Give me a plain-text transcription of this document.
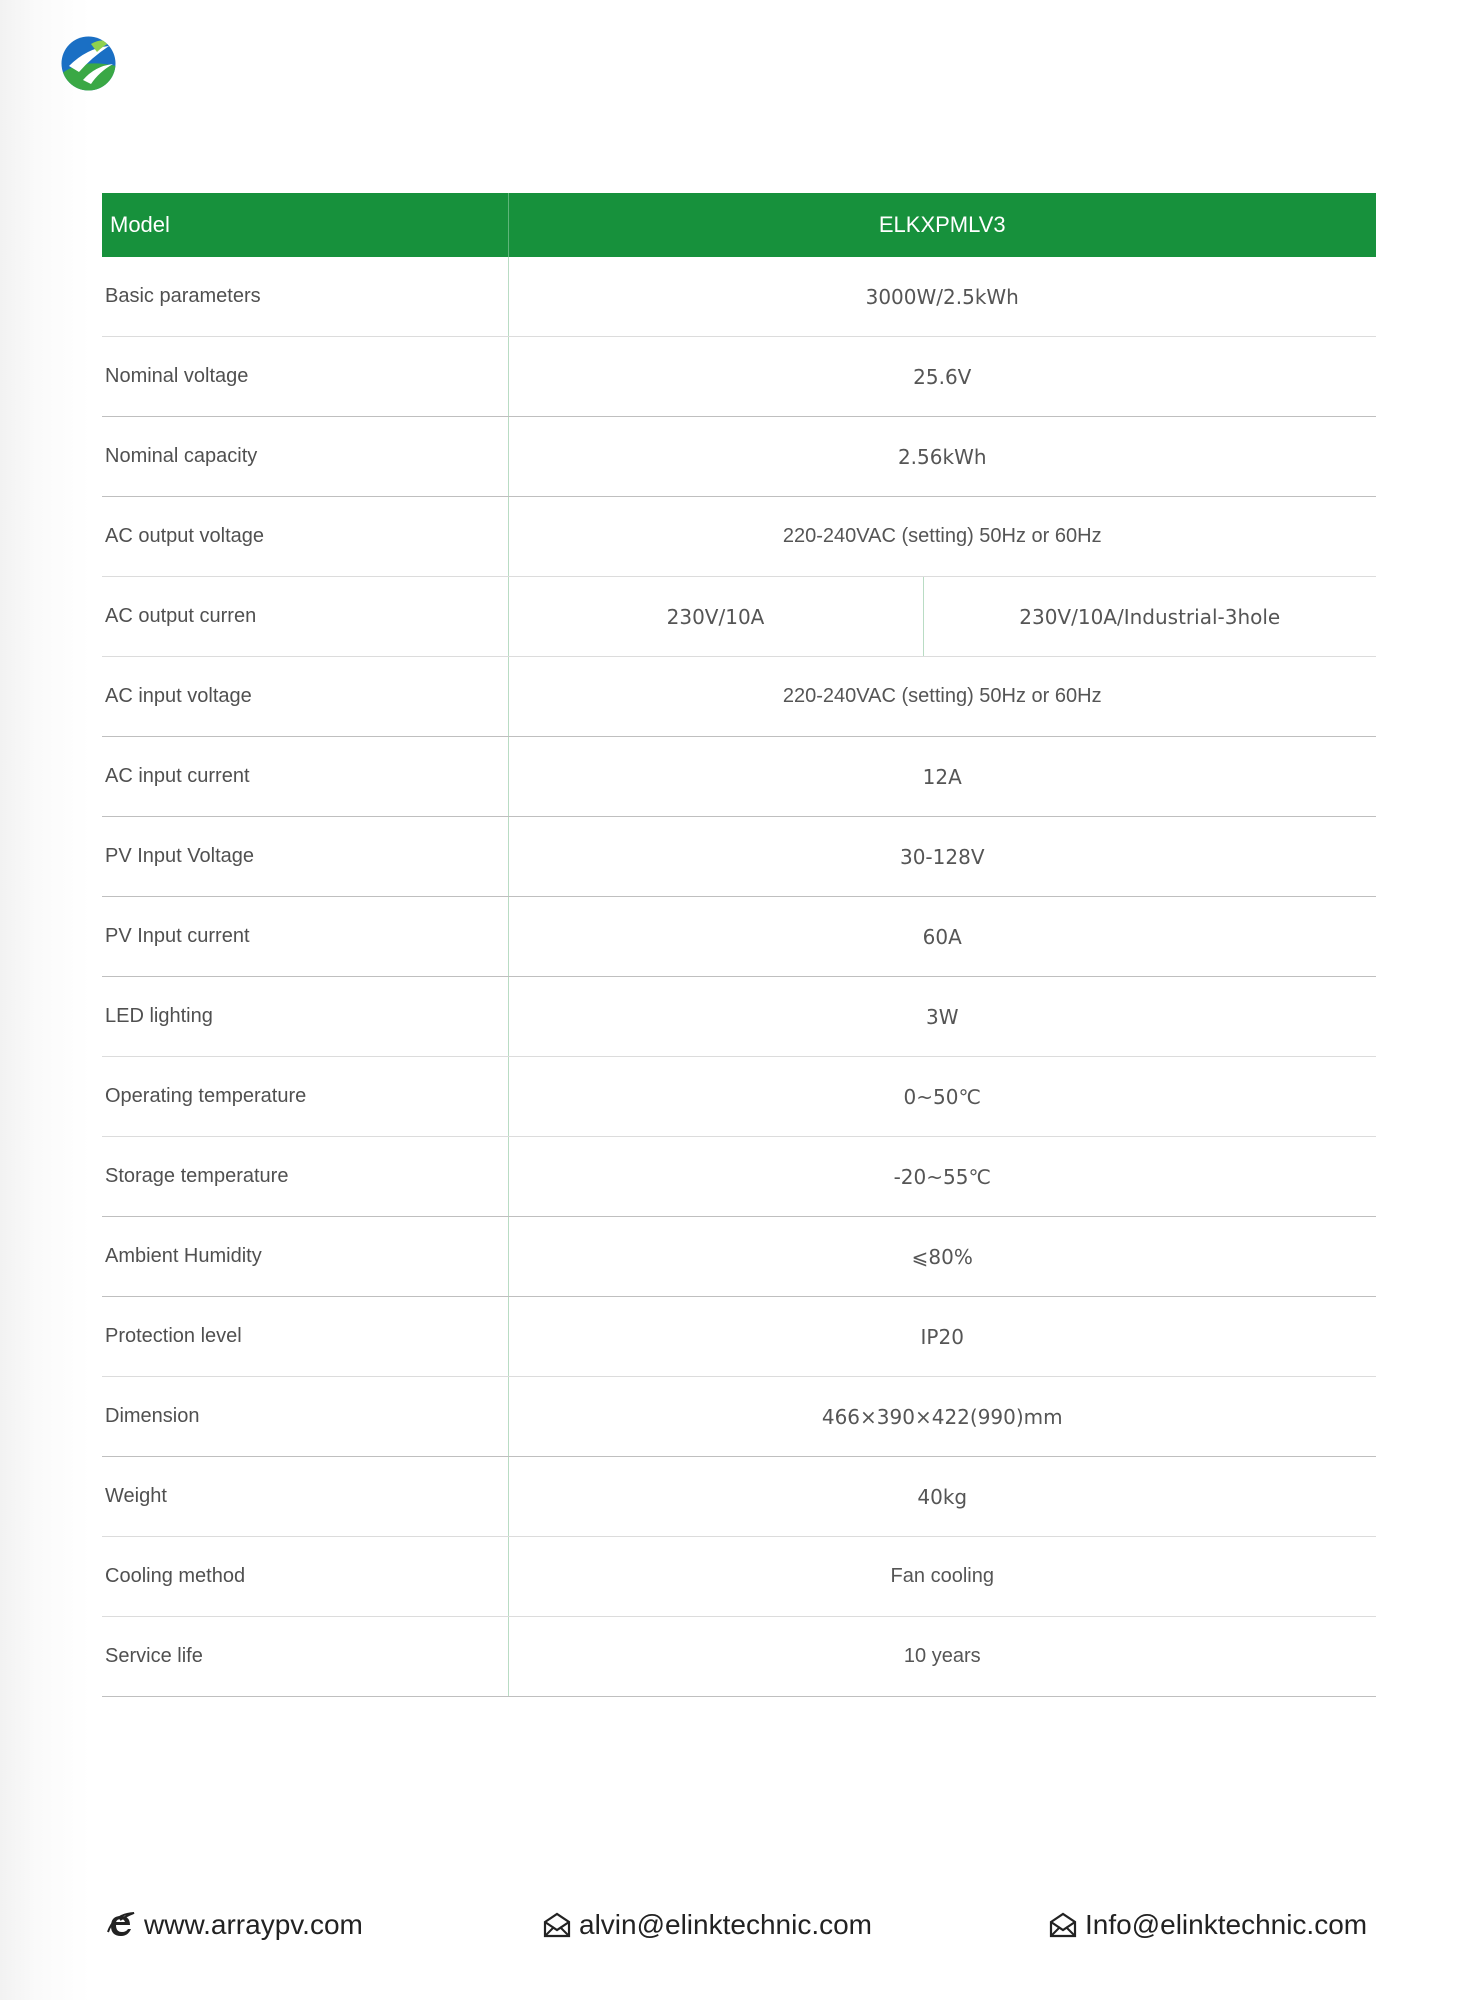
Model	ELKXPMLV3	
Basic parameters	3000W/2.5kWh	
Nominal voltage	25.6V	
Nominal capacity	2.56kWh	
AC output voltage	220-240VAC (setting) 50Hz or 60Hz	
AC output curren	230V/10A	230V/10A/Industrial-3hole
AC input voltage	220-240VAC (setting) 50Hz or 60Hz	
AC input current	12A	
PV Input Voltage	30-128V	
PV Input current	60A	
LED lighting	3W	
Operating temperature	0~50℃	
Storage temperature	-20~55℃	
Ambient Humidity	⩽80%	
Protection level	IP20	
Dimension	466×390×422(990)mm	
Weight	40kg	
Cooling method	Fan cooling	
Service life	10 years	
www.arraypv.com	alvin@elinktechnic.com	Info@elinktechnic.com
